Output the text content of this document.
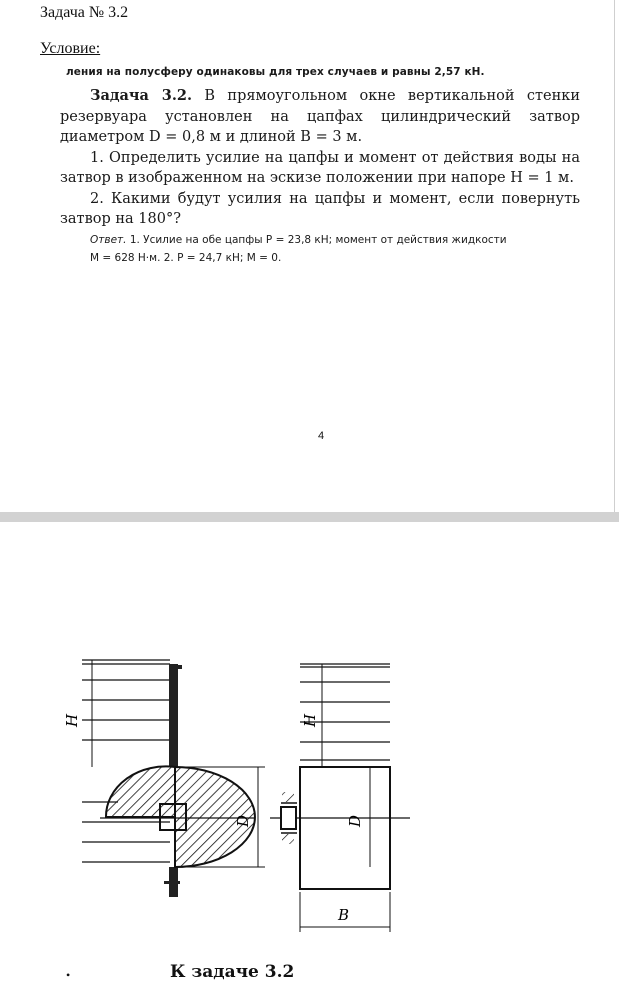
Задача № 3.2
Условие:
ления на полусферу одинаковы для трех случаев и равны 2,57 кН.

Задача 3.2. В прямоугольном окне вертикальной стенки резервуара установлен на цапфах цилиндрический затвор диаметром D = 0,8 м и длиной B = 3 м.

1. Определить усилие на цапфы и момент от действия воды на затвор в изображенном на эскизе положении при напоре H = 1 м.

2. Какими будут усилия на цапфы и момент, если повернуть затвор на 180°?

Ответ. 1. Усилие на обе цапфы P = 23,8 кН; момент от действия жидкости
M = 628 Н·м. 2. P = 24,7 кН; M = 0.
4
H
D
H
D
B
•	К задаче 3.2
